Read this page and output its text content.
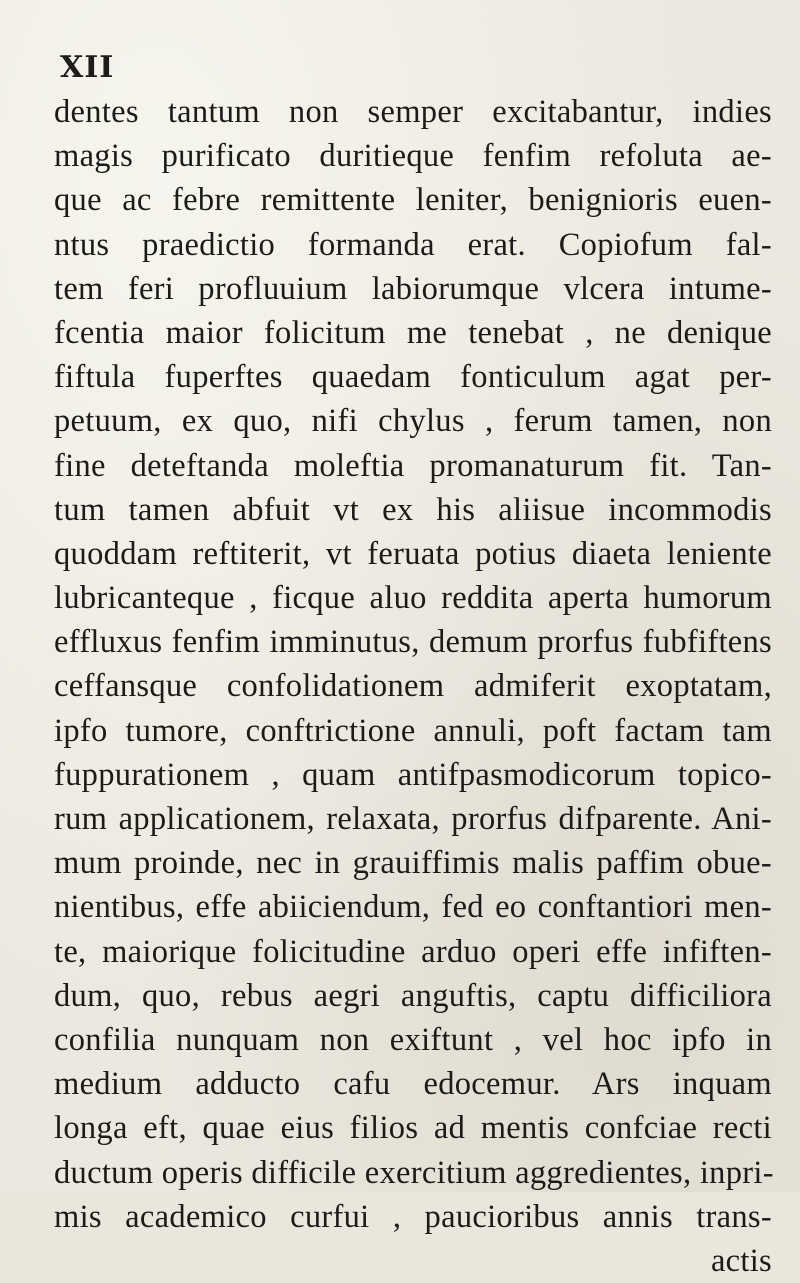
XII
dentes tantum non semper excitabantur, indies
magis purificato duritieque fenfim refoluta ae-
que ac febre remittente leniter, benignioris euen-
ntus praedictio formanda erat. Copiofum fal-
tem feri profluuium labiorumque vlcera intume-
fcentia maior folicitum me tenebat , ne denique
fiftula fuperftes quaedam fonticulum agat per-
petuum, ex quo, nifi chylus , ferum tamen, non
fine deteftanda moleftia promanaturum fit. Tan-
tum tamen abfuit vt ex his aliisue incommodis
quoddam reftiterit, vt feruata potius diaeta leniente
lubricanteque , ficque aluo reddita aperta humorum
effluxus fenfim imminutus, demum prorfus fubfiftens
ceffansque confolidationem admiferit exoptatam,
ipfo tumore, conftrictione annuli, poft factam tam
fuppurationem , quam antifpasmodicorum topico-
rum applicationem, relaxata, prorfus difparente. Ani-
mum proinde, nec in grauiffimis malis paffim obue-
nientibus, effe abiiciendum, fed eo conftantiori men-
te, maiorique folicitudine arduo operi effe infiften-
dum, quo, rebus aegri anguftis, captu difficiliora
confilia nunquam non exiftunt , vel hoc ipfo in
medium adducto cafu edocemur. Ars inquam
longa eft, quae eius filios ad mentis confciae recti
ductum operis difficile exercitium aggredientes, inpri-
mis academico curfui , paucioribus annis trans-
actis
